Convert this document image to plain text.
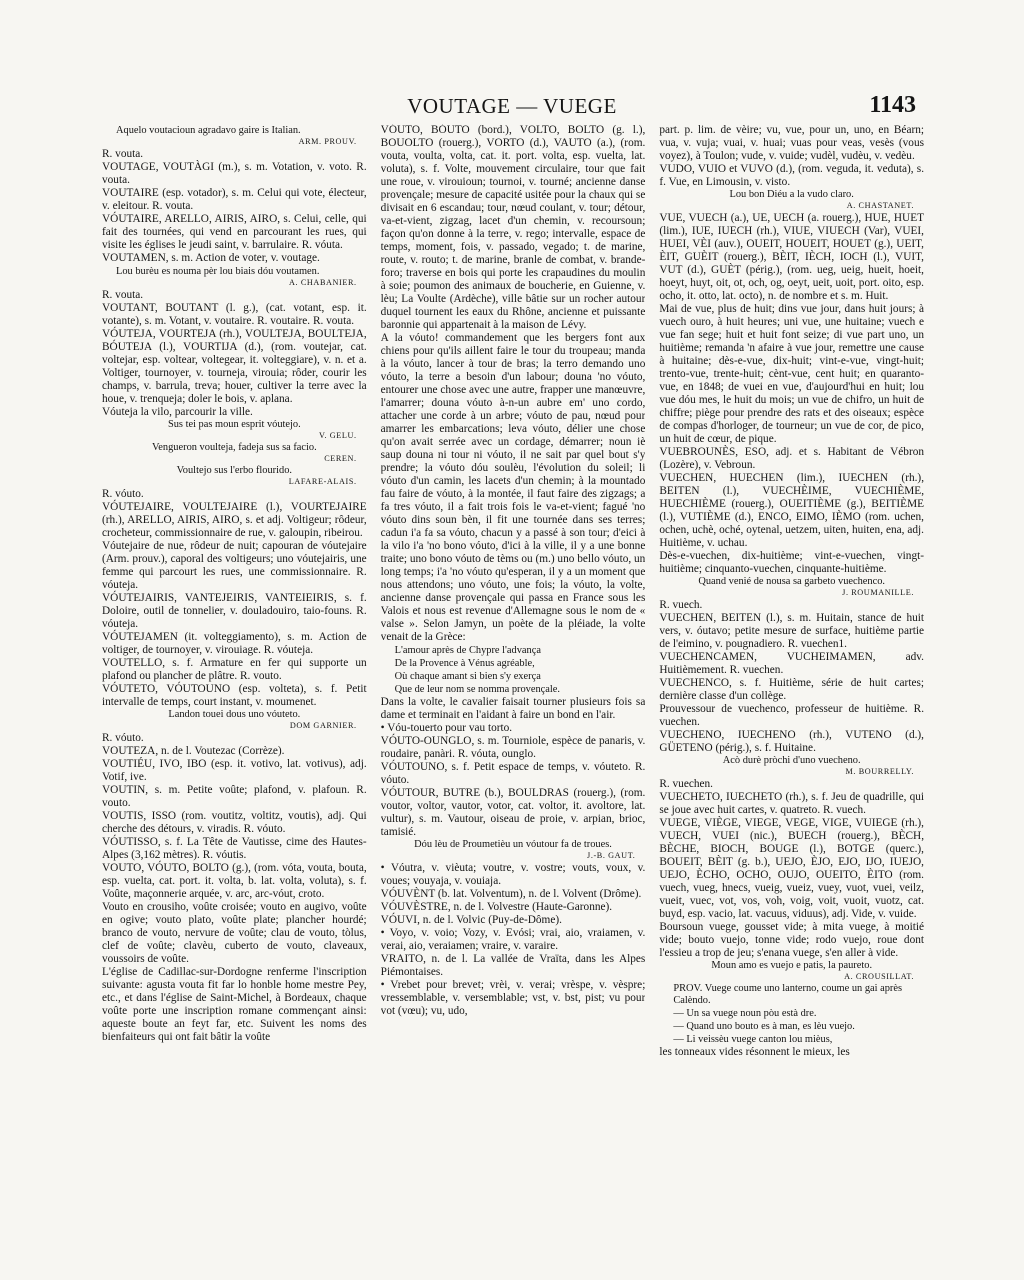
VOUTAGE — VUEGE	1143

Aquelo voutacioun agradavo gaire is Italian.

ARM. PROUV.

R. vouta.

VOUTAGE, VOUTÀGI (m.), s. m. Votation, v. voto. R. vouta.

VOUTAIRE (esp. votador), s. m. Celui qui vote, électeur, v. eleitour. R. vouta.

VÓUTAIRE, ARELLO, AIRIS, AIRO, s. Celui, celle, qui fait des tournées, qui vend en parcourant les rues, qui visite les églises le jeudi saint, v. barrulaire. R. vóuta.

VOUTAMEN, s. m. Action de voter, v. voutage.

Lou burèu es nouma pèr lou biais dóu voutamen.

A. CHABANIER.

R. vouta.

VOUTANT, BOUTANT (l. g.), (cat. votant, esp. it. votante), s. m. Votant, v. voutaire. R. voutaire. R. vouta.

VÓUTEJA, VOURTEJA (rh.), VOULTEJA, BOULTEJA, BÓUTEJA (l.), VOURTIJA (d.), (rom. voutejar, cat. voltejar, esp. voltear, voltegear, it. volteggiare), v. n. et a. Voltiger, tournoyer, v. tourneja, virouia; rôder, courir les champs, v. barrula, treva; houer, cultiver la terre avec la houe, v. trenqueja; doler le bois, v. aplana.

Vóuteja la vilo, parcourir la ville.

Sus tei pas moun esprit vóutejo.

V. GELU.

Vengueron voulteja, fadeja sus sa facio.

CEREN.

Voultejo sus l'erbo flourido.

LAFARE-ALAIS.

R. vóuto.

VÓUTEJAIRE, VOULTEJAIRE (l.), VOURTEJAIRE (rh.), ARELLO, AIRIS, AIRO, s. et adj. Voltigeur; rôdeur, crocheteur, commissionnaire de rue, v. galoupin, ribeirou.

Vóutejaire de nue, rôdeur de nuit; capouran de vóutejaire (Arm. prouv.), caporal des voltigeurs; uno vóutejairis, une femme qui parcourt les rues, une commissionnaire. R. vóuteja.

VÓUTEJAIRIS, VANTEJEIRIS, VANTEIEIRIS, s. f. Doloire, outil de tonnelier, v. douladouiro, taio-founs. R. vóuteja.

VÓUTEJAMEN (it. volteggiamento), s. m. Action de voltiger, de tournoyer, v. virouiage. R. vóuteja.

VOUTELLO, s. f. Armature en fer qui supporte un plafond ou plancher de plâtre. R. vouto.

VÓUTETO, VÓUTOUNO (esp. volteta), s. f. Petit intervalle de temps, court instant, v. moumenet.

Landon touei dous uno vóuteto.

DOM GARNIER.

R. vóuto.

VOUTEZA, n. de l. Voutezac (Corrèze).

VOUTIÉU, IVO, IBO (esp. it. votivo, lat. votivus), adj. Votif, ive.

VOUTIN, s. m. Petite voûte; plafond, v. plafoun. R. vouto.

VOUTIS, ISSO (rom. voutitz, voltitz, voutis), adj. Qui cherche des détours, v. viradis. R. vóuto.

VÓUTISSO, s. f. La Tête de Vautisse, cime des Hautes-Alpes (3,162 mètres). R. vóutis.

VOUTO, VÓUTO, BOLTO (g.), (rom. vóta, vouta, bouta, esp. vuelta, cat. port. it. volta, b. lat. volta, voluta), s. f. Voûte, maçonnerie arquée, v. arc, arc-vóut, croto.

Vouto en crousiho, voûte croisée; vouto en augivo, voûte en ogive; vouto plato, voûte plate; plancher hourdé; branco de vouto, nervure de voûte; clau de vouto, tòlus, clef de voûte; clavèu, cuberto de vouto, claveaux, voussoirs de voûte.

L'église de Cadillac-sur-Dordogne renferme l'inscription suivante: agusta vouta fit far lo honble home mestre Pey, etc., et dans l'église de Saint-Michel, à Bordeaux, chaque voûte porte une inscription romane commençant ainsi: aqueste boute an feyt far, etc. Suivent les noms des bienfaiteurs qui ont fait bâtir la voûte

VÓUTO, BÓUTO (bord.), VOLTO, BOLTO (g. l.), BOUOLTO (rouerg.), VORTO (d.), VAUTO (a.), (rom. vouta, voulta, volta, cat. it. port. volta, esp. vuelta, lat. voluta), s. f. Volte, mouvement circulaire, tour que fait une roue, v. virouioun; tournoi, v. tourné; ancienne danse provençale; mesure de capacité usitée pour la chaux qui se divisait en 6 escandau; tour, nœud coulant, v. tour; détour, va-et-vient, zigzag, lacet d'un chemin, v. recoursoun; façon qu'on donne à la terre, v. rego; intervalle, espace de temps, moment, fois, v. passado, vegado; t. de marine, route, v. routo; t. de marine, branle de combat, v. brande-foro; traverse en bois qui porte les crapaudines du moulin à soie; poumon des animaux de boucherie, en Guienne, v. lèu; La Voulte (Ardèche), ville bâtie sur un rocher autour duquel tournent les eaux du Rhône, ancienne et puissante baronnie qui appartenait à la maison de Lévy.

A la vóuto! commandement que les bergers font aux chiens pour qu'ils aillent faire le tour du troupeau; manda à la vóuto, lancer à tour de bras; la terro demando uno vóuto, la terre a besoin d'un labour; douna 'no vóuto, entourer une chose avec une autre, frapper une manœuvre, l'amarrer; douna vóuto à-n-un aubre em' uno cordo, attacher une corde à un arbre; vóuto de pau, nœud pour amarrer les embarcations; leva vóuto, délier une chose qu'on avait serrée avec un cordage, démarrer; noun iè saup douna ni tour ni vóuto, il ne sait par quel bout s'y prendre; la vóuto dóu soulèu, l'évolution du soleil; li vóuto d'un camin, les lacets d'un chemin; à la mountado fau faire de vóuto, à la montée, il faut faire des zigzags; a fa tres vóuto, il a fait trois fois le va-et-vient; fagué 'no vóuto dins soun bèn, il fit une tournée dans ses terres; cadun i'a fa sa vóuto, chacun y a passé à son tour; d'eici à la vilo i'a 'no bono vóuto, d'ici à la ville, il y a une bonne traite; uno bono vóuto de tèms ou (m.) uno bello vóuto, un long temps; i'a 'no vóuto qu'esperan, il y a un moment que nous attendons; uno vóuto, une fois; la vóuto, la volte, ancienne danse provençale qui passa en France sous les Valois et nous est revenue d'Allemagne sous le nom de « valse ». Selon Jamyn, un poète de la pléiade, la volte venait de la Grèce:

L'amour après de Chypre l'advança

De la Provence à Vénus agréable,

Où chaque amant si bien s'y exerça

Que de leur nom se nomma provençale.

Dans la volte, le cavalier faisait tourner plusieurs fois sa dame et terminait en l'aidant à faire un bond en l'air.

• Vóu-touerto pour vau torto.

VÓUTO-OUNGLO, s. m. Tourniole, espèce de panaris, v. roudaire, panàri. R. vóuta, ounglo.

VÓUTOUNO, s. f. Petit espace de temps, v. vóuteto. R. vóuto.

VÓUTOUR, BUTRE (b.), BOULDRAS (rouerg.), (rom. voutor, voltor, vautor, votor, cat. voltor, it. avoltore, lat. vultur), s. m. Vautour, oiseau de proie, v. arpian, brioc, tamisié.

Dóu lèu de Proumetièu un vóutour fa de troues.

J.-B. GAUT.

• Vóutra, v. vièuta; voutre, v. vostre; vouts, voux, v. voues; vouyaja, v. vouiaja.

VÓUVÈNT (b. lat. Volventum), n. de l. Volvent (Drôme).

VÓUVÈSTRE, n. de l. Volvestre (Haute-Garonne).

VÓUVI, n. de l. Volvic (Puy-de-Dôme).

• Voyo, v. voio; Vozy, v. Evósi; vrai, aio, vraiamen, v. verai, aio, veraiamen; vraire, v. varaire.

VRAITO, n. de l. La vallée de Vraïta, dans les Alpes Piémontaises.

• Vrebet pour brevet; vrèi, v. verai; vrèspe, v. vèspre; vressemblable, v. versemblable; vst, v. bst, pist; vu pour vot (vœu); vu, udo,

part. p. lim. de vèire; vu, vue, pour un, uno, en Béarn; vua, v. vuja; vuai, v. huai; vuas pour veas, vesès (vous voyez), à Toulon; vude, v. vuide; vudèl, vudèu, v. vedèu.

VUDO, VUIO et VUVO (d.), (rom. veguda, it. veduta), s. f. Vue, en Limousin, v. visto.

Lou bon Diéu a la vudo claro.

A. CHASTANET.

VUE, VUECH (a.), UE, UECH (a. rouerg.), HUE, HUET (lim.), IUE, IUECH (rh.), VIUE, VIUECH (Var), VUEI, HUEI, VÈI (auv.), OUEIT, HOUEIT, HOUET (g.), UEIT, ÈIT, GUÈIT (rouerg.), BÈIT, IÈCH, IOCH (l.), VUIT, VUT (d.), GUÈT (périg.), (rom. ueg, ueig, hueit, hoeit, hoeyt, huyt, oit, ot, och, og, oeyt, ueit, uoit, port. oito, esp. ocho, it. otto, lat. octo), n. de nombre et s. m. Huit.

Mai de vue, plus de huit; dins vue jour, dans huit jours; à vuech ouro, à huit heures; uni vue, une huitaine; vuech e vue fan sege; huit et huit font seize; di vue part uno, un huitième; remanda 'n afaire à vue jour, remettre une cause à huitaine; dès-e-vue, dix-huit; vint-e-vue, vingt-huit; trento-vue, trente-huit; cènt-vue, cent huit; en quaranto-vue, en 1848; de vuei en vue, d'aujourd'hui en huit; lou vue dóu mes, le huit du mois; un vue de chifro, un huit de chiffre; piège pour prendre des rats et des oiseaux; espèce de compas d'horloger, de tourneur; un vue de cor, de pico, un huit de cœur, de pique.

VUEBROUNÈS, ESO, adj. et s. Habitant de Vébron (Lozère), v. Vebroun.

VUECHEN, HUECHEN (lim.), IUECHEN (rh.), BEITEN (l.), VUECHÈIME, VUECHIÈME, HUECHIÈME (rouerg.), OUEITIÈME (g.), BEITIÈME (l.), VUTIÈME (d.), ENCO, EIMO, IÈMO (rom. uchen, ochen, uchè, oché, oytenal, uetzem, uiten, huiten, ena, adj. Huitième, v. uchau.

Dès-e-vuechen, dix-huitième; vint-e-vuechen, vingt-huitième; cinquanto-vuechen, cinquante-huitième.

Quand venié de nousa sa garbeto vuechenco.

J. ROUMANILLE.

R. vuech.

VUECHEN, BEITEN (l.), s. m. Huitain, stance de huit vers, v. óutavo; petite mesure de surface, huitième partie de l'eimino, v. pougnadiero. R. vuechen1.

VUECHENCAMEN, VUCHEIMAMEN, adv. Huitièmement. R. vuechen.

VUECHENCO, s. f. Huitième, série de huit cartes; dernière classe d'un collège.

Prouvessour de vuechenco, professeur de huitième. R. vuechen.

VUECHENO, IUECHENO (rh.), VUTENO (d.), GÜETENO (périg.), s. f. Huitaine.

Acò durè pròchi d'uno vuecheno.

M. BOURRELLY.

R. vuechen.

VUECHETO, IUECHETO (rh.), s. f. Jeu de quadrille, qui se joue avec huit cartes, v. quatreto. R. vuech.

VUEGE, VIÈGE, VIEGE, VEGE, VIGE, VUIEGE (rh.), VUECH, VUEI (nic.), BUECH (rouerg.), BÈCH, BÈCHE, BIOCH, BOUGE (l.), BOTGE (querc.), BOUEIT, BÈIT (g. b.), UEJO, ÈJO, EJO, IJO, IUEJO, UEJO, ÈCHO, OCHO, OUJO, OUEITO, ÈITO (rom. vuech, vueg, hnecs, vueig, vueiz, vuey, vuot, vuei, veilz, vueit, vuec, vot, vos, voh, voig, voit, vuoit, vuotz, cat. buyd, esp. vacio, lat. vacuus, viduus), adj. Vide, v. vuide.

Boursoun vuege, gousset vide; à mita vuege, à moitié vide; bouto vuejo, tonne vide; rodo vuejo, roue dont l'essieu a trop de jeu; s'enana vuege, s'en aller à vide.

Moun amo es vuejo e patis, la paureto.

A. CROUSILLAT.

PROV. Vuege coume uno lanterno, coume un gai après Calèndo.

— Un sa vuege noun pòu està dre.

— Quand uno bouto es à man, es lèu vuejo.

— Li veissèu vuege canton lou mièus,

les tonneaux vides résonnent le mieux, les
